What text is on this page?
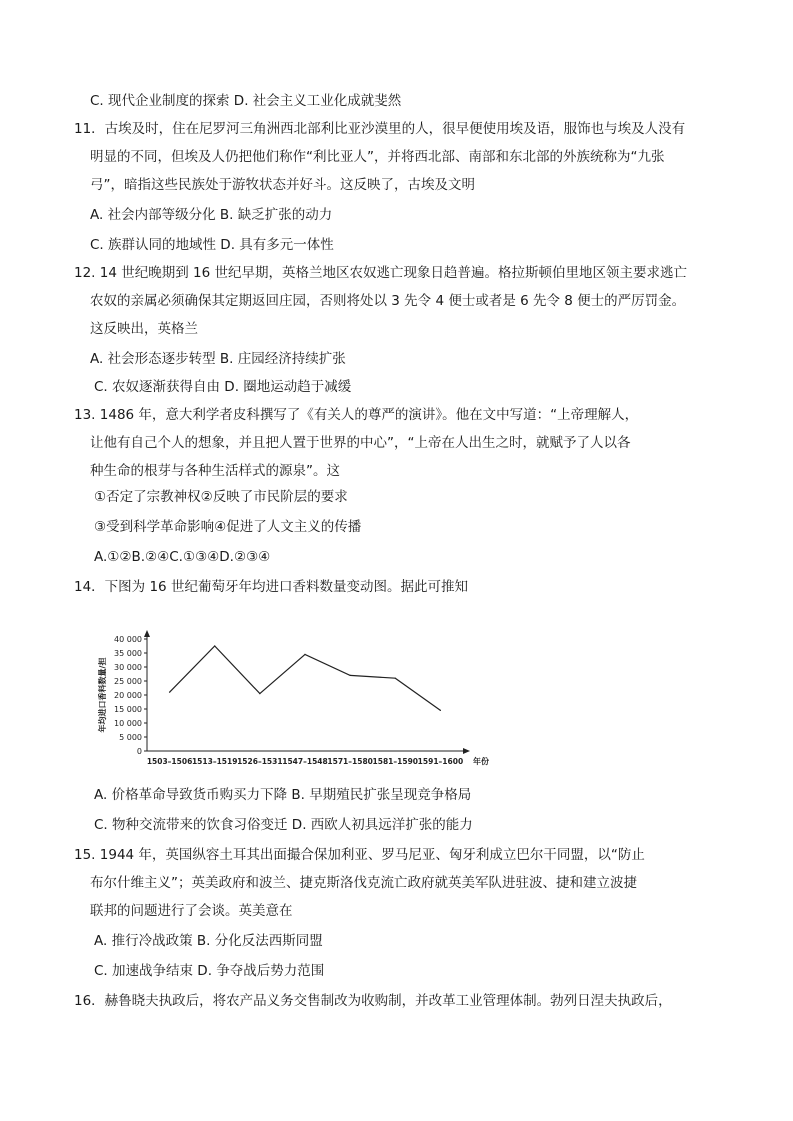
C. 现代企业制度的探索 D. 社会主义工业化成就斐然
11．古埃及时，住在尼罗河三角洲西北部利比亚沙漠里的人，很早便使用埃及语，服饰也与埃及人没有
明显的不同，但埃及人仍把他们称作“利比亚人”，并将西北部、南部和东北部的外族统称为“九张
弓”，暗指这些民族处于游牧状态并好斗。这反映了，古埃及文明
A. 社会内部等级分化 B. 缺乏扩张的动力
C. 族群认同的地域性 D. 具有多元一体性
12. 14 世纪晚期到 16 世纪早期，英格兰地区农奴逃亡现象日趋普遍。格拉斯顿伯里地区领主要求逃亡
农奴的亲属必须确保其定期返回庄园，否则将处以 3 先令 4 便士或者是 6 先令 8 便士的严厉罚金。
这反映出，英格兰
A. 社会形态逐步转型 B. 庄园经济持续扩张
C. 农奴逐渐获得自由 D. 圈地运动趋于减缓
13. 1486 年，意大利学者皮科撰写了《有关人的尊严的演讲》。他在文中写道：“上帝理解人，
让他有自己个人的想象，并且把人置于世界的中心”，“上帝在人出生之时，就赋予了人以各
种生命的根芽与各种生活样式的源泉”。这
①否定了宗教神权②反映了市民阶层的要求
③受到科学革命影响④促进了人文主义的传播
A.①②B.②④C.①③④D.②③④
14．下图为 16 世纪葡萄牙年均进口香料数量变动图。据此可推知
A. 价格革命导致货币购买力下降 B. 早期殖民扩张呈现竞争格局
C. 物种交流带来的饮食习俗变迁 D. 西欧人初具远洋扩张的能力
15. 1944 年，英国纵容土耳其出面撮合保加利亚、罗马尼亚、匈牙利成立巴尔干同盟，以“防止
布尔什维主义”；英美政府和波兰、捷克斯洛伐克流亡政府就英美军队进驻波、捷和建立波捷
联邦的问题进行了会谈。英美意在
A. 推行冷战政策 B. 分化反法西斯同盟
C. 加速战争结束 D. 争夺战后势力范围
16．赫鲁晓夫执政后，将农产品义务交售制改为收购制，并改革工业管理体制。勃列日涅夫执政后，
0
5 000
10 000
15 000
20 000
25 000
30 000
35 000
40 000
年均进口香料数量/担
1503–1506 1513–1519 1526–1531 1547–1548 1571–1580 1581–1590 1591–1600 年份
